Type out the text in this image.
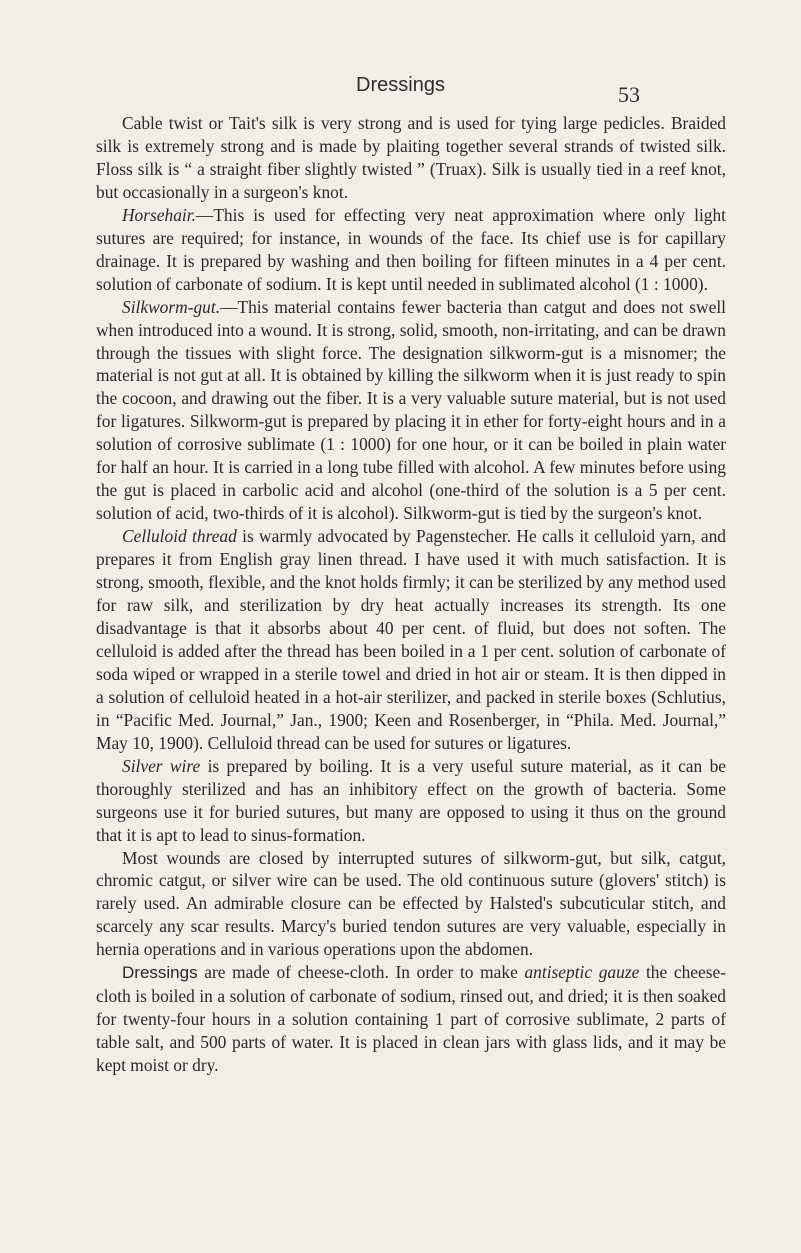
Dressings	53

Cable twist or Tait's silk is very strong and is used for tying large pedicles. Braided silk is extremely strong and is made by plaiting together several strands of twisted silk. Floss silk is “ a straight fiber slightly twisted ” (Truax). Silk is usually tied in a reef knot, but occasionally in a surgeon's knot.

Horsehair.—This is used for effecting very neat approximation where only light sutures are required; for instance, in wounds of the face. Its chief use is for capillary drainage. It is prepared by washing and then boiling for fifteen minutes in a 4 per cent. solution of carbonate of sodium. It is kept until needed in sublimated alcohol (1 : 1000).

Silkworm-gut.—This material contains fewer bacteria than catgut and does not swell when introduced into a wound. It is strong, solid, smooth, non-irritating, and can be drawn through the tissues with slight force. The designation silkworm-gut is a misnomer; the material is not gut at all. It is obtained by killing the silkworm when it is just ready to spin the cocoon, and drawing out the fiber. It is a very valuable suture material, but is not used for ligatures. Silkworm-gut is prepared by placing it in ether for forty-eight hours and in a solution of corrosive sublimate (1 : 1000) for one hour, or it can be boiled in plain water for half an hour. It is carried in a long tube filled with alcohol. A few minutes before using the gut is placed in carbolic acid and alcohol (one-third of the solution is a 5 per cent. solution of acid, two-thirds of it is alcohol). Silkworm-gut is tied by the surgeon's knot.

Celluloid thread is warmly advocated by Pagenstecher. He calls it celluloid yarn, and prepares it from English gray linen thread. I have used it with much satisfaction. It is strong, smooth, flexible, and the knot holds firmly; it can be sterilized by any method used for raw silk, and sterilization by dry heat actually increases its strength. Its one disadvantage is that it absorbs about 40 per cent. of fluid, but does not soften. The celluloid is added after the thread has been boiled in a 1 per cent. solution of carbonate of soda wiped or wrapped in a sterile towel and dried in hot air or steam. It is then dipped in a solution of celluloid heated in a hot-air sterilizer, and packed in sterile boxes (Schlutius, in “Pacific Med. Journal,” Jan., 1900; Keen and Rosenberger, in “Phila. Med. Journal,” May 10, 1900). Celluloid thread can be used for sutures or ligatures.

Silver wire is prepared by boiling. It is a very useful suture material, as it can be thoroughly sterilized and has an inhibitory effect on the growth of bacteria. Some surgeons use it for buried sutures, but many are opposed to using it thus on the ground that it is apt to lead to sinus-formation.

Most wounds are closed by interrupted sutures of silkworm-gut, but silk, catgut, chromic catgut, or silver wire can be used. The old continuous suture (glovers' stitch) is rarely used. An admirable closure can be effected by Halsted's subcuticular stitch, and scarcely any scar results. Marcy's buried tendon sutures are very valuable, especially in hernia operations and in various operations upon the abdomen.

Dressings are made of cheese-cloth. In order to make antiseptic gauze the cheese-cloth is boiled in a solution of carbonate of sodium, rinsed out, and dried; it is then soaked for twenty-four hours in a solution containing 1 part of corrosive sublimate, 2 parts of table salt, and 500 parts of water. It is placed in clean jars with glass lids, and it may be kept moist or dry.
